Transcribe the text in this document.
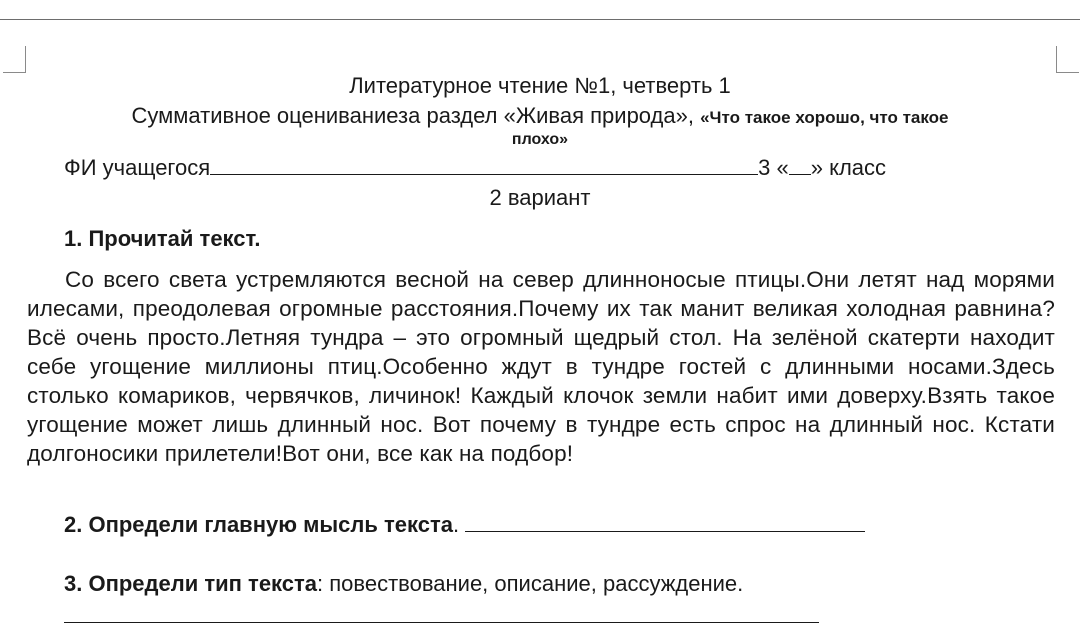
Литературное чтение №1, четверть 1
Суммативное оцениваниеза раздел «Живая природа», «Что такое хорошо, что такое
плохо»
ФИ учащегося	3 « » класс
2 вариант
1. Прочитай текст.
Со всего света устремляются весной на север длинноносые птицы.Они летят над морями илесами, преодолевая огромные расстояния.Почему их так манит великая холодная равнина?Всё очень просто.Летняя тундра – это огромный щедрый стол. На зелёной скатерти находит себе угощение миллионы птиц.Особенно ждут в тундре гостей с длинными носами.Здесь столько комариков, червячков, личинок! Каждый клочок земли набит ими доверху.Взять такое угощение может лишь длинный нос. Вот почему в тундре есть спрос на длинный нос. Кстати долгоносики прилетели!Вот они, все как на подбор!
2. Определи главную мысль текста.
3. Определи тип текста: повествование, описание, рассуждение.
